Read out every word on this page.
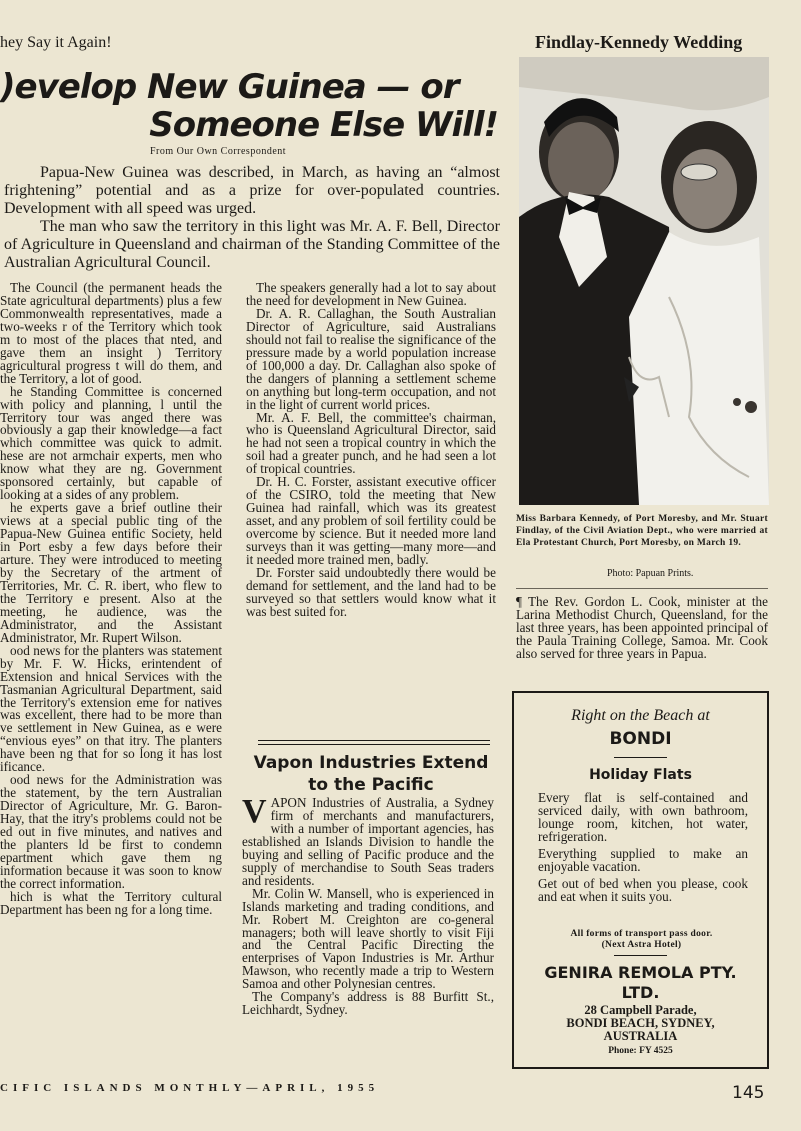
hey Say it Again!	Findlay-Kennedy Wedding
)evelop New Guinea — or
Someone Else Will!
From Our Own Correspondent

Papua-New Guinea was described, in March, as having an “almost frightening” potential and as a prize for over-populated countries. Development with all speed was urged.

The man who saw the territory in this light was Mr. A. F. Bell, Director of Agriculture in Queensland and chairman of the Standing Committee of the Australian Agricultural Council.

The Council (the permanent heads the State agricultural departments) plus a few Commonwealth representatives, made a two-weeks r of the Territory which took m to most of the places that nted, and gave them an insight ) Territory agricultural progress t will do them, and the Territory, a lot of good.

he Standing Committee is concerned with policy and planning, l until the Territory tour was anged there was obviously a gap their knowledge—a fact which committee was quick to admit. hese are not armchair experts, men who know what they are ng. Government sponsored certainly, but capable of looking at a sides of any problem.

he experts gave a brief outline their views at a special public ting of the Papua-New Guinea entific Society, held in Port esby a few days before their arture. They were introduced to meeting by the Secretary of the artment of Territories, Mr. C. R. ibert, who flew to the Territory e present. Also at the meeting, he audience, was the Administrator, and the Assistant Administrator, Mr. Rupert Wilson.

ood news for the planters was statement by Mr. F. W. Hicks, erintendent of Extension and hnical Services with the Tasmanian Agricultural Department, said the Territory's extension eme for natives was excellent, there had to be more than ve settlement in New Guinea, as e were “envious eyes” on that itry. The planters have been ng that for so long it has lost ificance.

ood news for the Administration was the statement, by the tern Australian Director of Agriculture, Mr. G. Baron-Hay, that the itry's problems could not be ed out in five minutes, and natives and the planters ld be first to condemn epartment which gave them ng information because it was soon to know the correct information.

hich is what the Territory cultural Department has been ng for a long time.

The speakers generally had a lot to say about the need for development in New Guinea.

Dr. A. R. Callaghan, the South Australian Director of Agriculture, said Australians should not fail to realise the significance of the pressure made by a world population increase of 100,000 a day. Dr. Callaghan also spoke of the dangers of planning a settlement scheme on anything but long-term occupation, and not in the light of current world prices.

Mr. A. F. Bell, the committee's chairman, who is Queensland Agricultural Director, said he had not seen a tropical country in which the soil had a greater punch, and he had seen a lot of tropical countries.

Dr. H. C. Forster, assistant executive officer of the CSIRO, told the meeting that New Guinea had rainfall, which was its greatest asset, and any problem of soil fertility could be overcome by science. But it needed more land surveys than it was getting—many more—and it needed more trained men, badly.

Dr. Forster said undoubtedly there would be demand for settlement, and the land had to be surveyed so that settlers would know what it was best suited for.

Vapon Industries Extend to the Pacific

VAPON Industries of Australia, a Sydney firm of merchants and manufacturers, with a number of important agencies, has established an Islands Division to handle the buying and selling of Pacific produce and the supply of merchandise to South Seas traders and residents.

Mr. Colin W. Mansell, who is experienced in Islands marketing and trading conditions, and Mr. Robert M. Creighton are co-general managers; both will leave shortly to visit Fiji and the Central Pacific Directing the enterprises of Vapon Industries is Mr. Arthur Mawson, who recently made a trip to Western Samoa and other Polynesian centres.

The Company's address is 88 Burfitt St., Leichhardt, Sydney.

Miss Barbara Kennedy, of Port Moresby, and Mr. Stuart Findlay, of the Civil Aviation Dept., who were married at Ela Protestant Church, Port Moresby, on March 19.
Photo: Papuan Prints.
¶ The Rev. Gordon L. Cook, minister at the Larina Methodist Church, Queensland, for the last three years, has been appointed principal of the Paula Training College, Samoa. Mr. Cook also served for three years in Papua.
Right on the Beach at
BONDI
Holiday Flats

Every flat is self-contained and serviced daily, with own bathroom, lounge room, kitchen, hot water, refrigeration.

Everything supplied to make an enjoyable vacation.

Get out of bed when you please, cook and eat when it suits you.

All forms of transport pass door.
(Next Astra Hotel)
GENIRA REMOLA PTY.
LTD.
28 Campbell Parade,
BONDI BEACH, SYDNEY,
AUSTRALIA
Phone: FY 4525
CIFIC ISLANDS MONTHLY—APRIL, 1955	145
